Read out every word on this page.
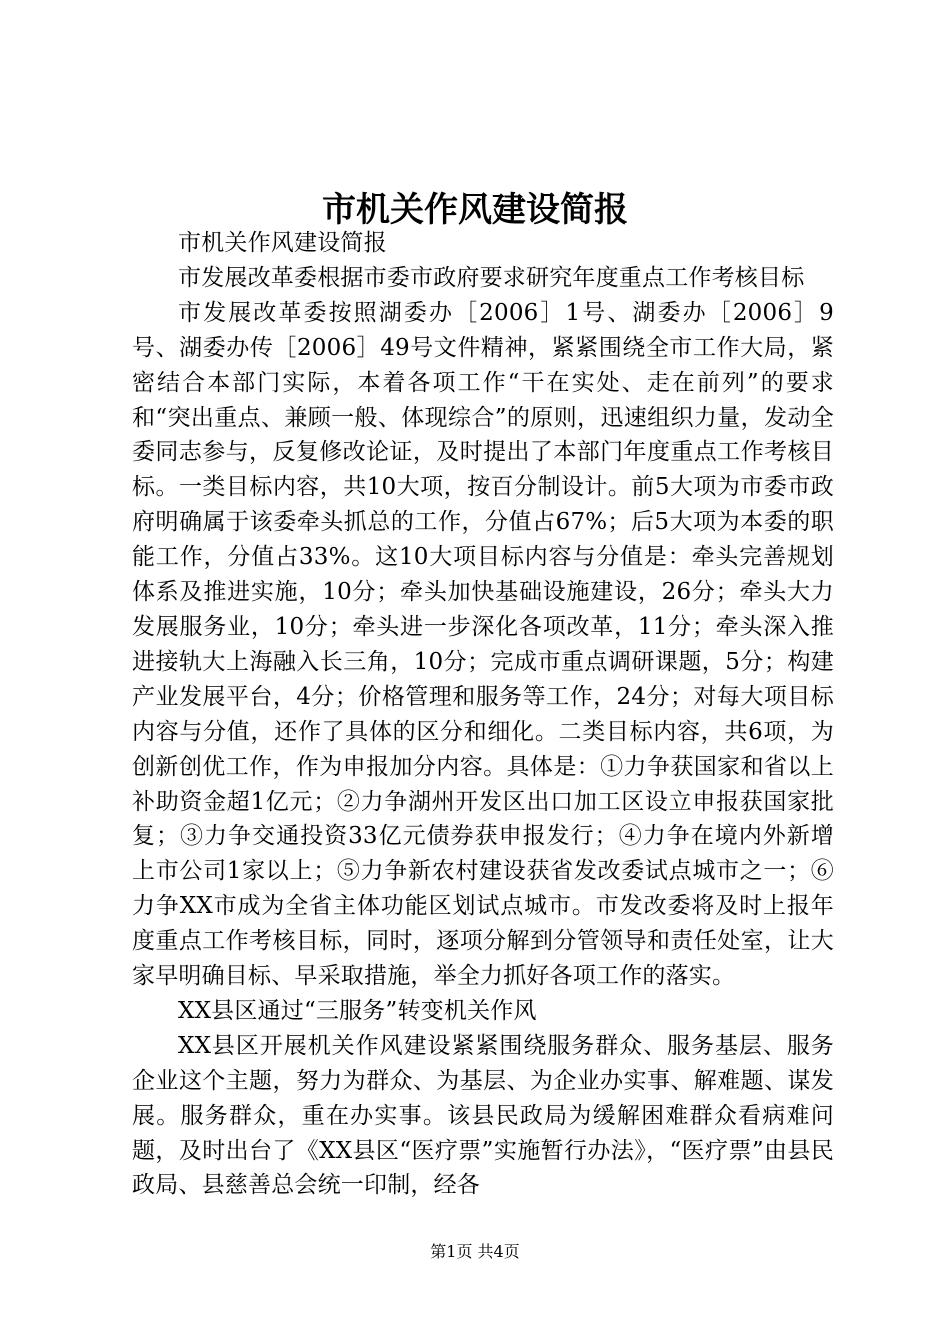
市机关作风建设简报

市机关作风建设简报

市发展改革委根据市委市政府要求研究年度重点工作考核目标

市发展改革委按照湖委办［2006］1号、湖委办［2006］9号、湖委办传［2006］49号文件精神，紧紧围绕全市工作大局，紧密结合本部门实际，本着各项工作“干在实处、走在前列”的要求和“突出重点、兼顾一般、体现综合”的原则，迅速组织力量，发动全委同志参与，反复修改论证，及时提出了本部门年度重点工作考核目标。一类目标内容，共10大项，按百分制设计。前5大项为市委市政府明确属于该委牵头抓总的工作，分值占67%；后5大项为本委的职能工作，分值占33%。这10大项目标内容与分值是：牵头完善规划体系及推进实施，10分；牵头加快基础设施建设，26分；牵头大力发展服务业，10分；牵头进一步深化各项改革，11分；牵头深入推进接轨大上海融入长三角，10分；完成市重点调研课题，5分；构建产业发展平台，4分；价格管理和服务等工作，24分；对每大项目标内容与分值，还作了具体的区分和细化。二类目标内容，共6项，为创新创优工作，作为申报加分内容。具体是：①力争获国家和省以上补助资金超1亿元；②力争湖州开发区出口加工区设立申报获国家批复；③力争交通投资33亿元债券获申报发行；④力争在境内外新增上市公司1家以上；⑤力争新农村建设获省发改委试点城市之一；⑥力争XX市成为全省主体功能区划试点城市。市发改委将及时上报年度重点工作考核目标，同时，逐项分解到分管领导和责任处室，让大家早明确目标、早采取措施，举全力抓好各项工作的落实。

XX县区通过“三服务”转变机关作风

XX县区开展机关作风建设紧紧围绕服务群众、服务基层、服务企业这个主题，努力为群众、为基层、为企业办实事、解难题、谋发展。服务群众，重在办实事。该县民政局为缓解困难群众看病难问题，及时出台了《XX县区“医疗票”实施暂行办法》，“医疗票”由县民政局、县慈善总会统一印制，经各

第1页 共4页
